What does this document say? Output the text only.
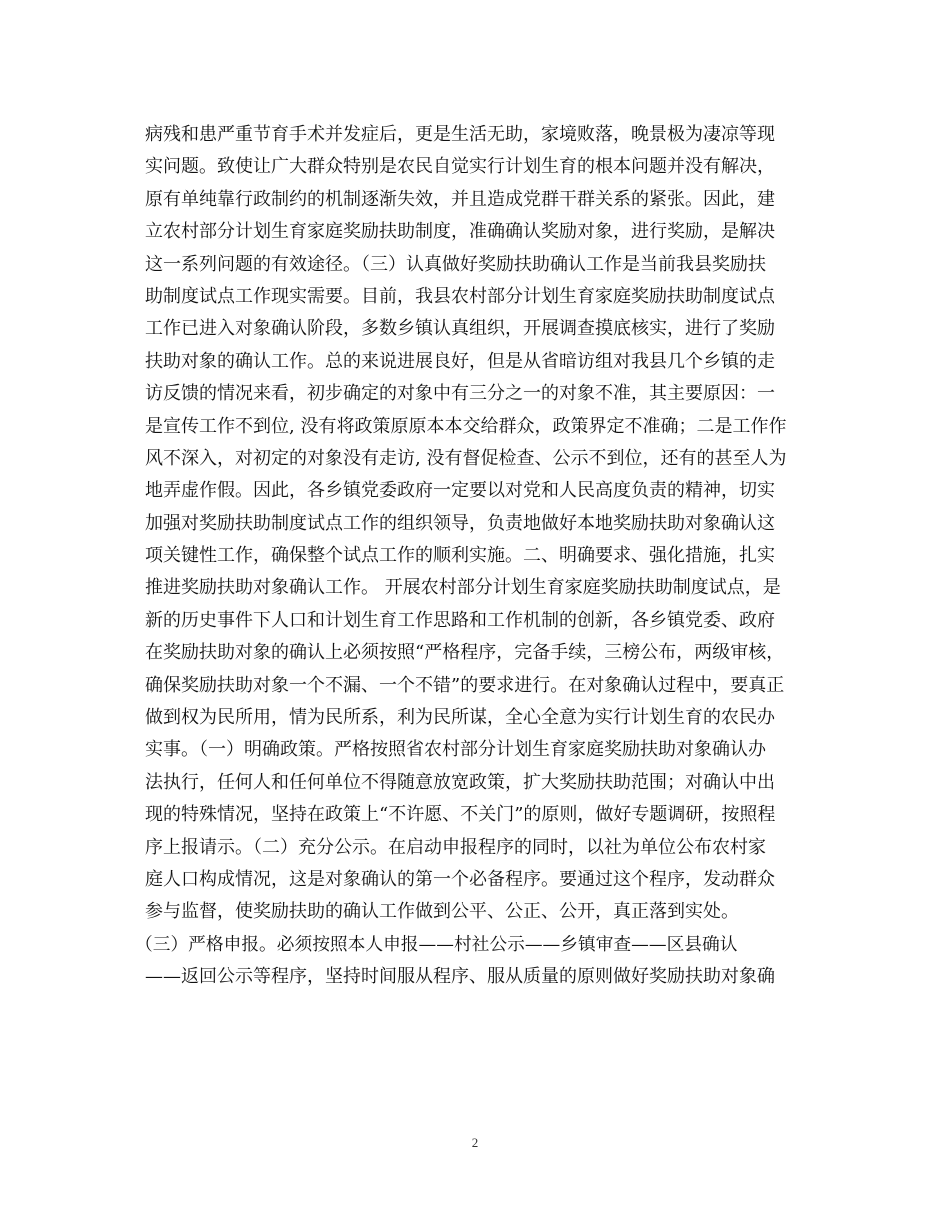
病残和患严重节育手术并发症后，更是生活无助，家境败落，晚景极为凄凉等现
实问题。致使让广大群众特别是农民自觉实行计划生育的根本问题并没有解决，
原有单纯靠行政制约的机制逐渐失效，并且造成党群干群关系的紧张。因此，建
立农村部分计划生育家庭奖励扶助制度，准确确认奖励对象，进行奖励，是解决
这一系列问题的有效途径。（三）认真做好奖励扶助确认工作是当前我县奖励扶
助制度试点工作现实需要。目前，我县农村部分计划生育家庭奖励扶助制度试点
工作已进入对象确认阶段，多数乡镇认真组织，开展调查摸底核实，进行了奖励
扶助对象的确认工作。总的来说进展良好，但是从省暗访组对我县几个乡镇的走
访反馈的情况来看，初步确定的对象中有三分之一的对象不准，其主要原因：一
是宣传工作不到位, 没有将政策原原本本交给群众，政策界定不准确；二是工作作
风不深入，对初定的对象没有走访, 没有督促检查、公示不到位，还有的甚至人为
地弄虚作假。因此，各乡镇党委政府一定要以对党和人民高度负责的精神，切实
加强对奖励扶助制度试点工作的组织领导，负责地做好本地奖励扶助对象确认这
项关键性工作，确保整个试点工作的顺利实施。二、明确要求、强化措施，扎实
推进奖励扶助对象确认工作。 开展农村部分计划生育家庭奖励扶助制度试点，是
新的历史事件下人口和计划生育工作思路和工作机制的创新，各乡镇党委、政府
在奖励扶助对象的确认上必须按照“严格程序，完备手续，三榜公布，两级审核，
确保奖励扶助对象一个不漏、一个不错”的要求进行。在对象确认过程中，要真正
做到权为民所用，情为民所系，利为民所谋，全心全意为实行计划生育的农民办
实事。（一）明确政策。严格按照省农村部分计划生育家庭奖励扶助对象确认办
法执行，任何人和任何单位不得随意放宽政策，扩大奖励扶助范围；对确认中出
现的特殊情况，坚持在政策上“不许愿、不关门”的原则，做好专题调研，按照程
序上报请示。（二）充分公示。在启动申报程序的同时，以社为单位公布农村家
庭人口构成情况，这是对象确认的第一个必备程序。要通过这个程序，发动群众
参与监督，使奖励扶助的确认工作做到公平、公正、公开，真正落到实处。
（三）严格申报。必须按照本人申报——村社公示——乡镇审查——区县确认
——返回公示等程序，坚持时间服从程序、服从质量的原则做好奖励扶助对象确
2
